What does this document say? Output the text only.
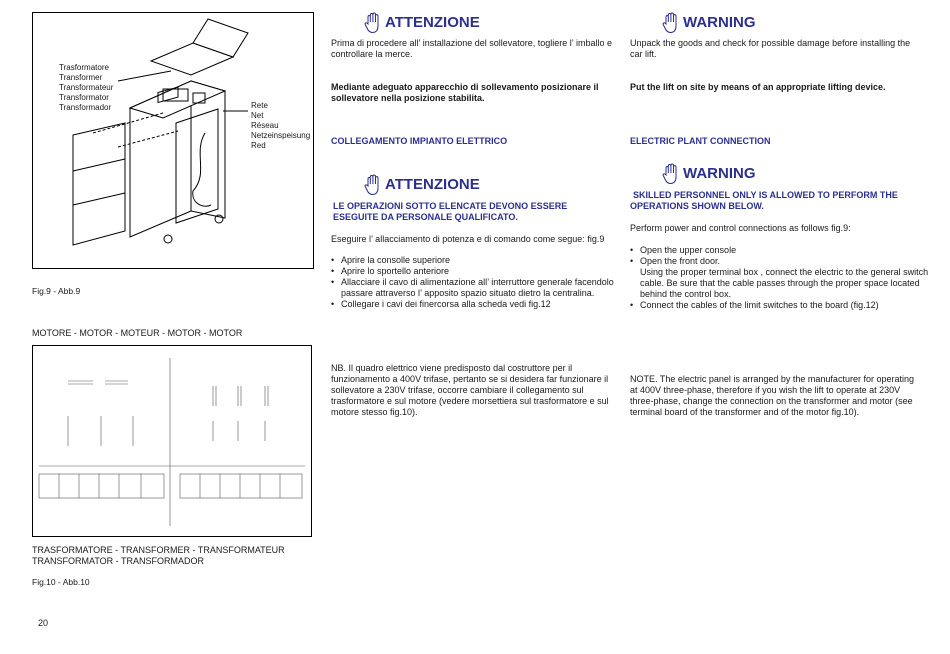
Trasformatore
Transformer
Transformateur
Transformator
Transformador	Rete
Net
Réseau
Netzeinspeisung
Red
Fig.9 - Abb.9
MOTORE - MOTOR - MOTEUR - MOTOR - MOTOR
TRASFORMATORE - TRANSFORMER - TRANSFORMATEUR
TRANSFORMATOR - TRANSFORMADOR
Fig.10 - Abb.10
20
ATTENZIONE
Prima di procedere all’ installazione del sollevatore, togliere l’ imballo e controllare la merce.
Mediante adeguato apparecchio di sollevamento posizionare il sollevatore nella posizione stabilita.
COLLEGAMENTO IMPIANTO ELETTRICO
ATTENZIONE
LE OPERAZIONI SOTTO ELENCATE DEVONO ESSERE ESEGUITE DA PERSONALE QUALIFICATO.
Eseguire l’ allacciamento di potenza e di comando come segue: fig.9
• Aprire la consolle superiore
• Aprire lo sportello anteriore
• Allacciare il cavo di alimentazione all’ interruttore generale facendolo passare attraverso l’ apposito spazio situato dietro la centralina.
• Collegare i cavi dei finercorsa alla scheda vedi fig.12
NB. Il quadro elettrico viene predisposto dal costruttore per il funzionamento a 400V trifase, pertanto se si desidera far funzionare il sollevatore a 230V trifase, occorre cambiare il collegamento sul trasformatore e sul motore (vedere morsettiera sul trasformatore e sul motore stesso fig.10).
WARNING
Unpack the goods and check for possible damage before installing the car lift.
Put the lift on site by means of an appropriate lifting device.
ELECTRIC PLANT CONNECTION
WARNING
SKILLED PERSONNEL ONLY IS ALLOWED TO PERFORM THE OPERATIONS SHOWN BELOW.
Perform power and control connections as follows fig.9:
• Open the upper console
• Open the front door.
Using the proper terminal box , connect the electric to the general switch cable. Be sure that the cable passes through the proper space located behind the control box.
• Connect the cables of the limit switches to the board (fig.12)
NOTE. The electric panel is arranged by the manufacturer for operating at 400V three-phase, therefore if you wish the lift to operate at 230V three-phase, change the connection on the transformer and motor (see terminal board of the transformer and of the motor fig.10).
